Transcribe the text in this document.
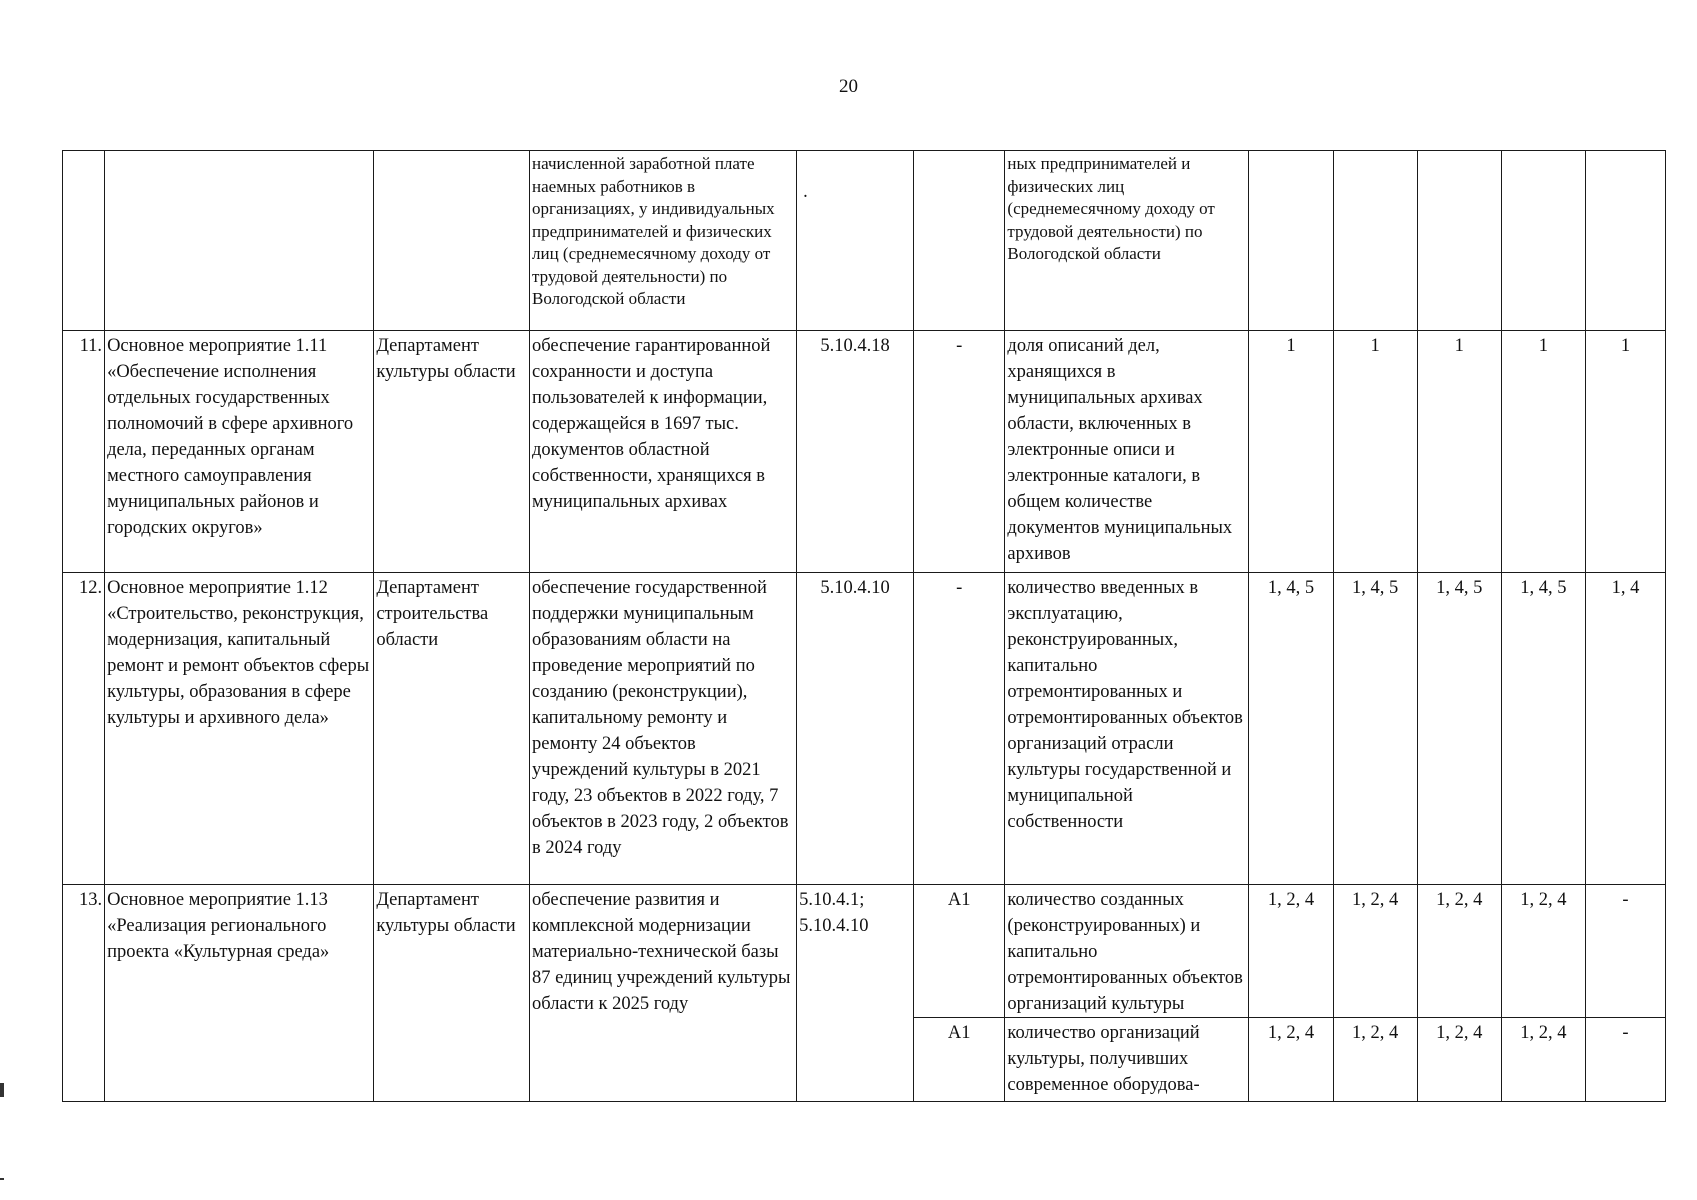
20
			начисленной заработной плате наемных работников в организациях, у индивидуальных предпринимателей и физических лиц (среднемесячному доходу от трудовой деятельности) по Вологодской области	.		ных предпринимателей и физических лиц (среднемесячному доходу от трудовой деятельности) по Вологодской области					
11.	Основное мероприятие 1.11 «Обеспечение исполнения отдельных государственных полномочий в сфере архивного дела, переданных органам местного самоуправления муниципальных районов и городских округов»	Департамент культуры области	обеспечение гарантированной сохранности и доступа пользователей к информации, содержащейся в 1697 тыс. документов областной собственности, хранящихся в муниципальных архивах	5.10.4.18	-	доля описаний дел, хранящихся в муниципальных архивах области, включенных в электронные описи и электронные каталоги, в общем количестве документов муниципальных архивов	1	1	1	1	1
12.	Основное мероприятие 1.12 «Строительство, реконструкция, модернизация, капитальный ремонт и ремонт объектов сферы культуры, образования в сфере культуры и архивного дела»	Департамент строительства области	обеспечение государственной поддержки муниципальным образованиям области на проведение мероприятий по созданию (реконструкции), капитальному ремонту и ремонту 24 объектов учреждений культуры в 2021 году, 23 объектов в 2022 году, 7 объектов в 2023 году, 2 объектов в 2024 году	5.10.4.10	-	количество введенных в эксплуатацию, реконструированных, капитально отремонтированных и отремонтированных объектов организаций отрасли культуры государственной и муниципальной собственности	1, 4, 5	1, 4, 5	1, 4, 5	1, 4, 5	1, 4
13.	Основное мероприятие 1.13 «Реализация регионального проекта «Культурная среда»	Департамент культуры области	обеспечение развития и комплексной модернизации материально-технической базы 87 единиц учреждений культуры области к 2025 году	5.10.4.1; 5.10.4.10	А1	количество созданных (реконструированных) и капитально отремонтированных объектов организаций культуры	1, 2, 4	1, 2, 4	1, 2, 4	1, 2, 4	-
					А1	количество организаций культуры, получивших современное оборудова-	1, 2, 4	1, 2, 4	1, 2, 4	1, 2, 4	-
